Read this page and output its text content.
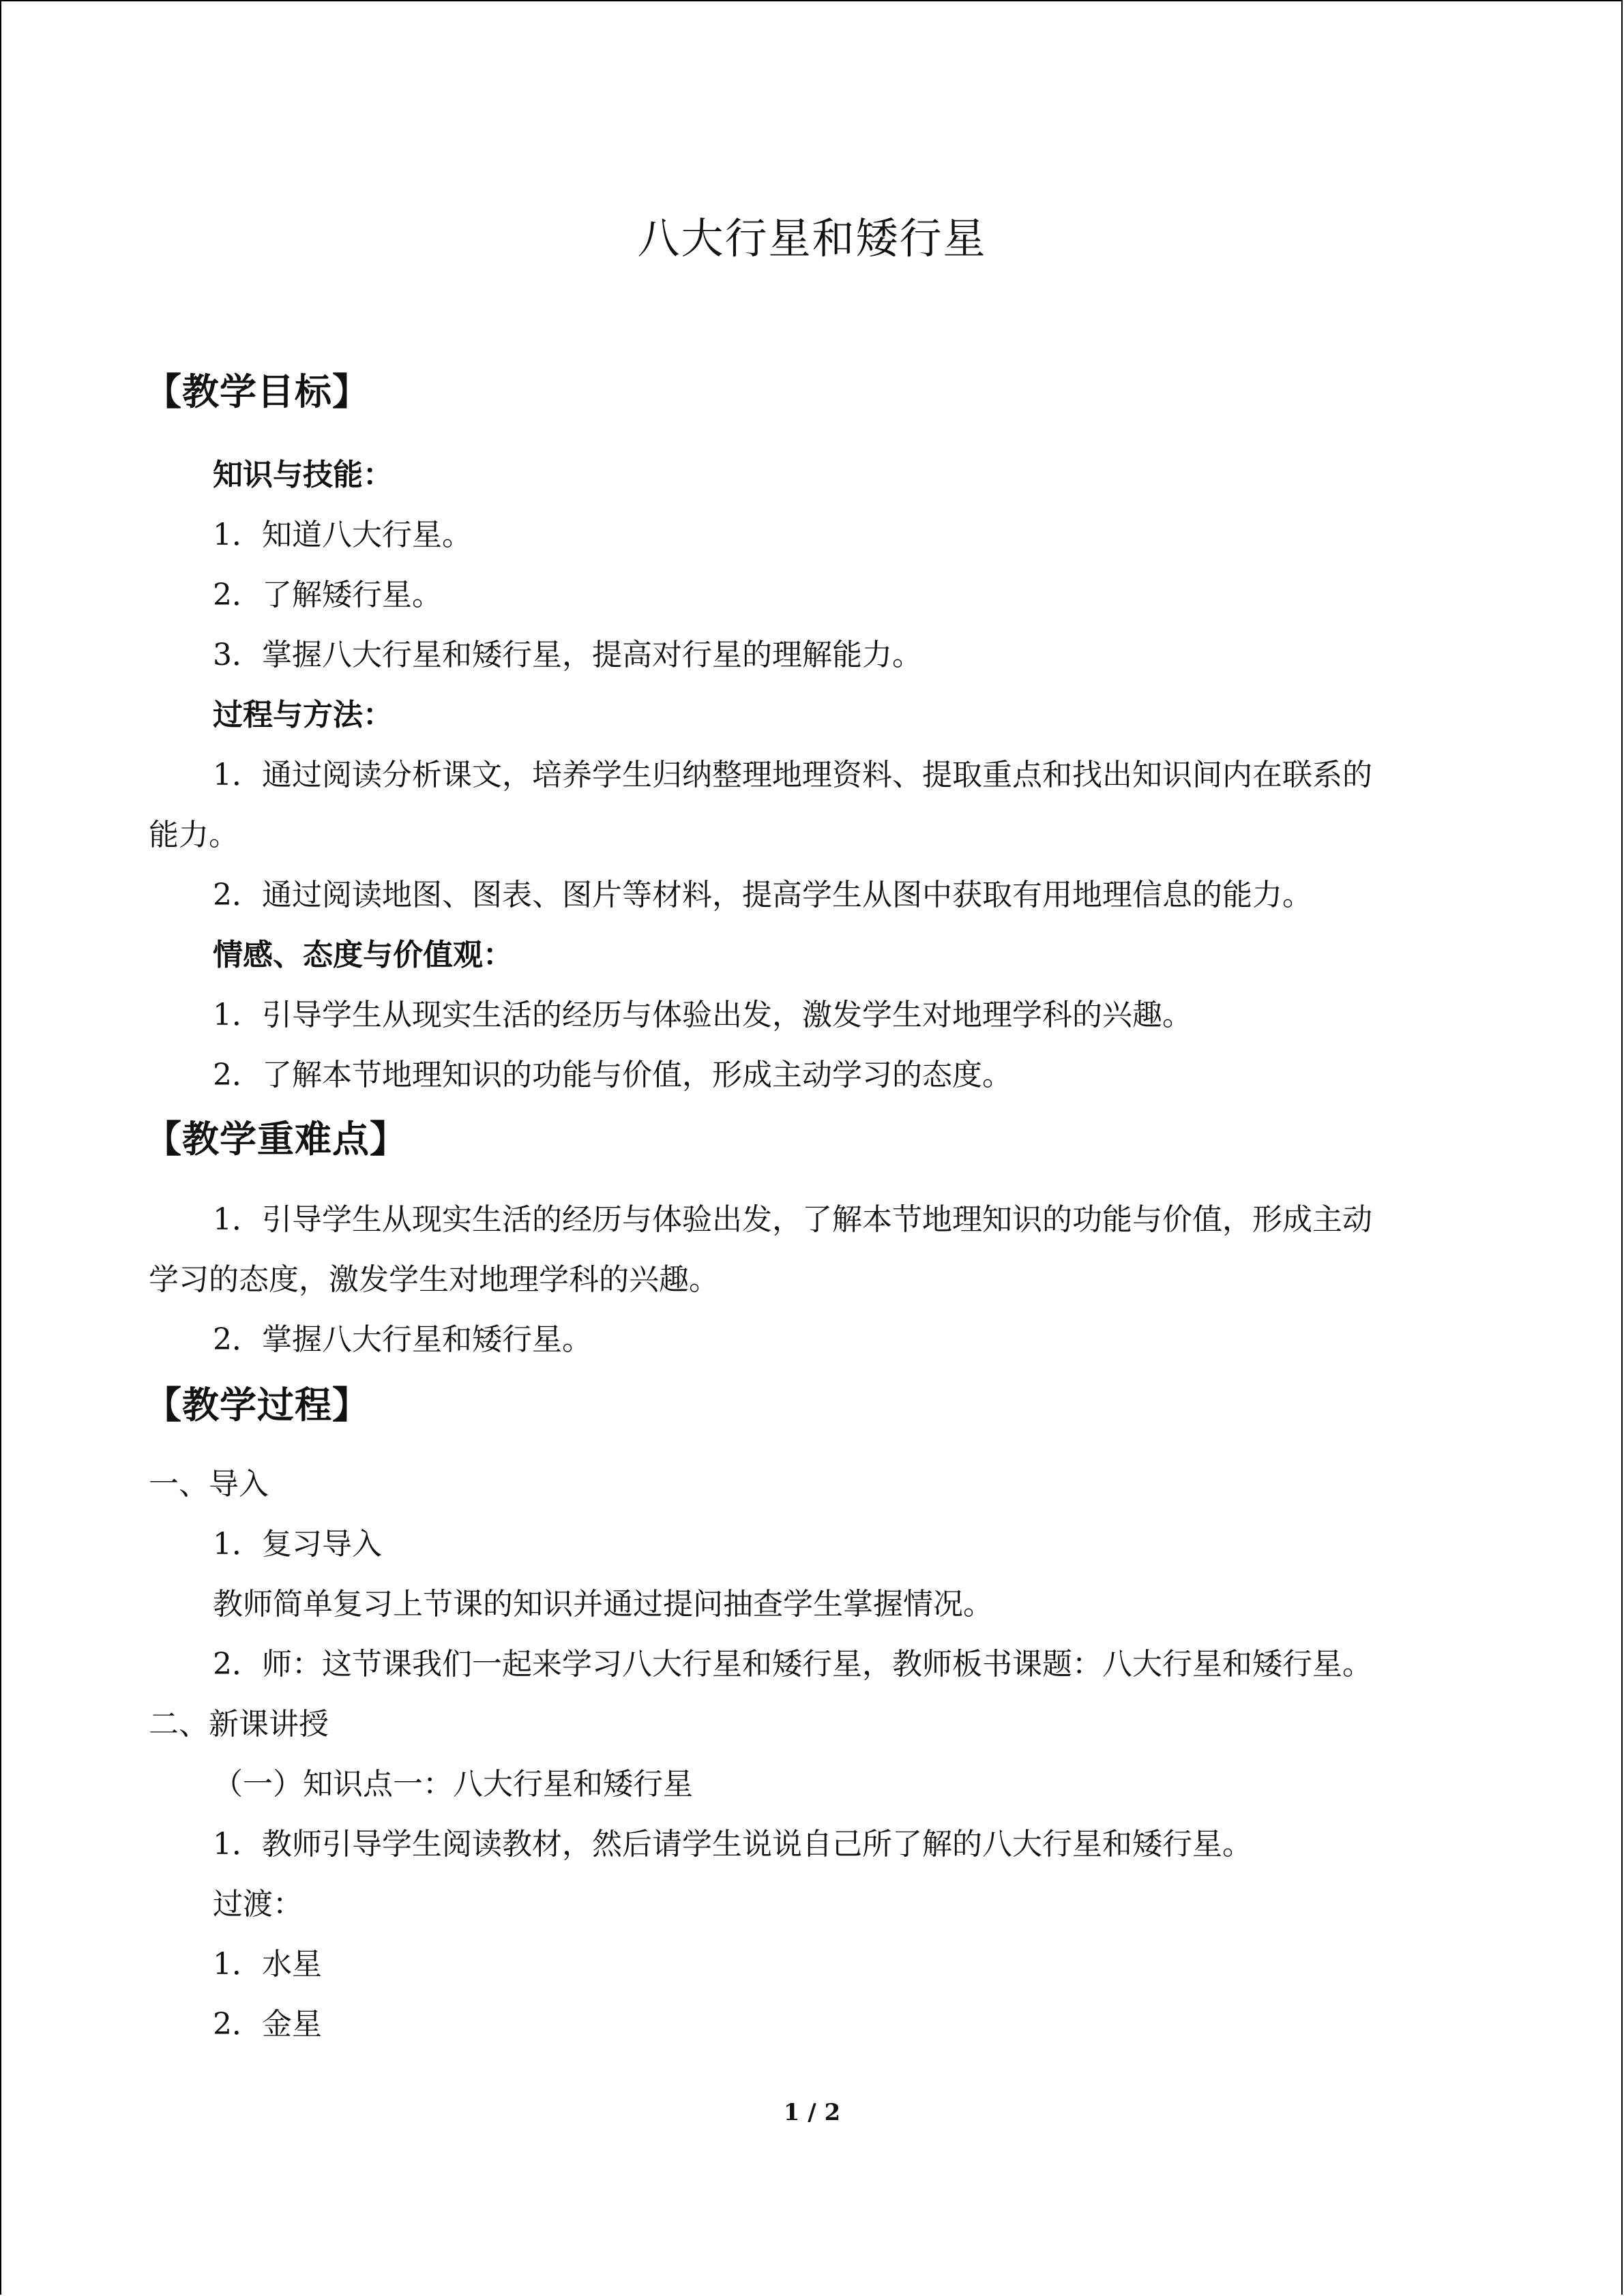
八大行星和矮行星
【教学目标】
知识与技能：
1．知道八大行星。
2．了解矮行星。
3．掌握八大行星和矮行星，提高对行星的理解能力。
过程与方法：
1．通过阅读分析课文，培养学生归纳整理地理资料、提取重点和找出知识间内在联系的
能力。
2．通过阅读地图、图表、图片等材料，提高学生从图中获取有用地理信息的能力。
情感、态度与价值观：
1．引导学生从现实生活的经历与体验出发，激发学生对地理学科的兴趣。
2．了解本节地理知识的功能与价值，形成主动学习的态度。
【教学重难点】
1．引导学生从现实生活的经历与体验出发，了解本节地理知识的功能与价值，形成主动
学习的态度，激发学生对地理学科的兴趣。
2．掌握八大行星和矮行星。
【教学过程】
一、导入
1．复习导入
教师简单复习上节课的知识并通过提问抽查学生掌握情况。
2．师：这节课我们一起来学习八大行星和矮行星，教师板书课题：八大行星和矮行星。
二、新课讲授
（一）知识点一：八大行星和矮行星
1．教师引导学生阅读教材，然后请学生说说自己所了解的八大行星和矮行星。
过渡：
1．水星
2．金星
1 / 2
